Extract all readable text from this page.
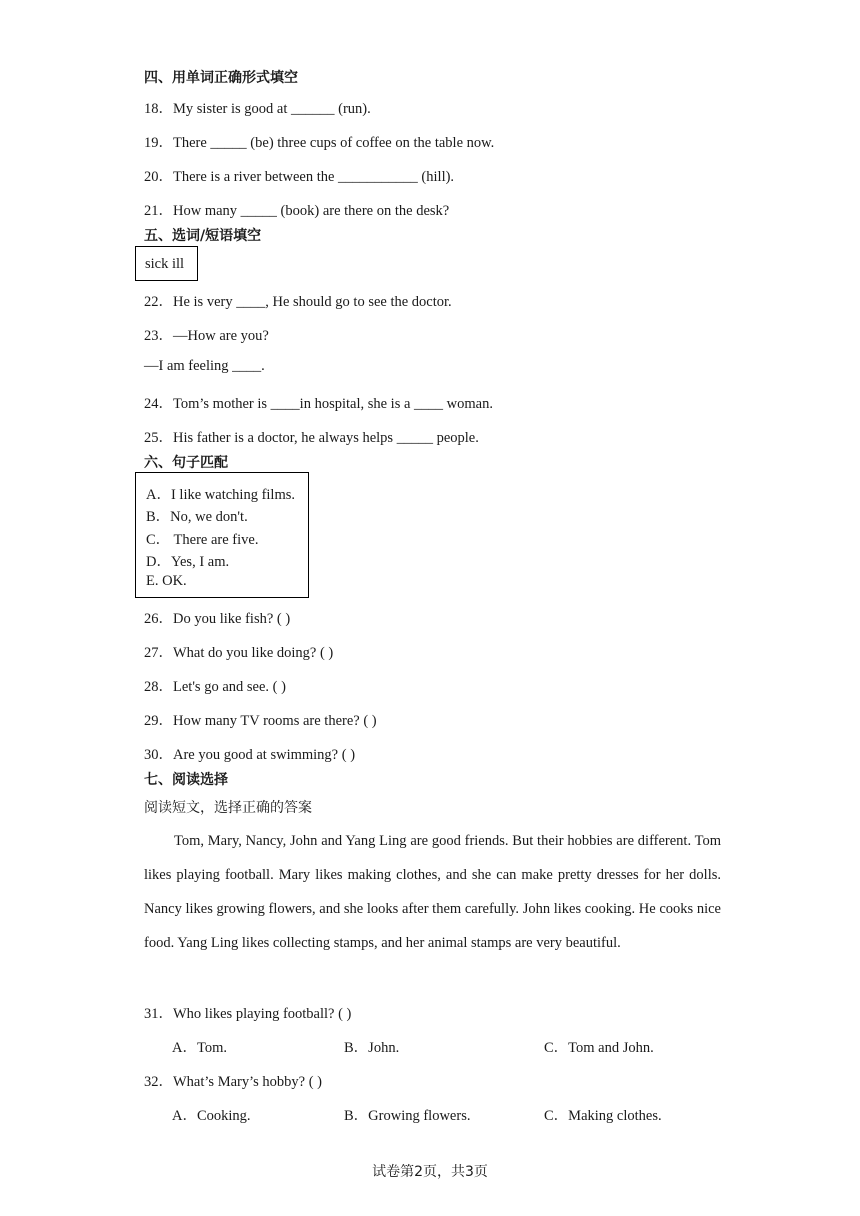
四、用单词正确形式填空
18．My sister is good at ______ (run).
19．There _____ (be) three cups of coffee on the table now.
20．There is a river between the ___________ (hill).
21．How many _____ (book) are there on the desk?
五、选词/短语填空
sick ill
22．He is very ____, He should go to see the doctor.
23．—How are you?
—I am feeling ____.
24．Tom’s mother is ____in hospital, she is a ____ woman.
25．His father is a doctor, he always helps _____ people.
六、句子匹配
A．I like watching films.
B．No, we don't.
C． There are five.
D．Yes, I am.
E. OK.
26．Do you like fish? ( )
27．What do you like doing? ( )
28．Let's go and see. ( )
29．How many TV rooms are there? ( )
30．Are you good at swimming? ( )
七、阅读选择
阅读短文，选择正确的答案
Tom, Mary, Nancy, John and Yang Ling are good friends. But their hobbies are different. Tom likes playing football. Mary likes making clothes, and she can make pretty dresses for her dolls. Nancy likes growing flowers, and she looks after them carefully. John likes cooking. He cooks nice food. Yang Ling likes collecting stamps, and her animal stamps are very beautiful.
31．Who likes playing football? ( )
A．Tom.	B．John.	C．Tom and John.
32．What’s Mary’s hobby? ( )
A．Cooking.	B．Growing flowers.	C．Making clothes.
试卷第2页，共3页
